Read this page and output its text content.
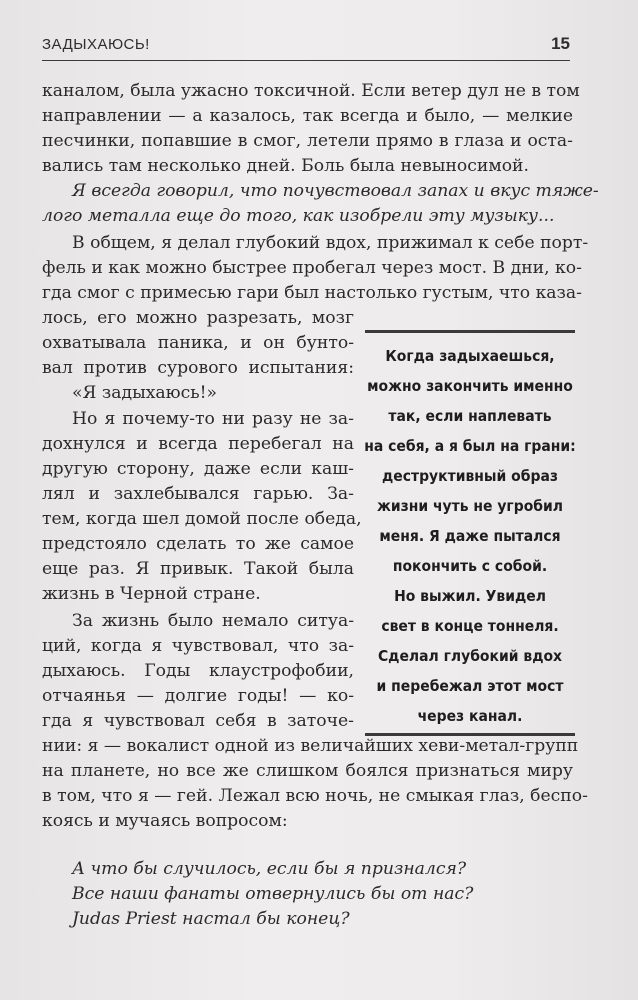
ЗАДЫХАЮСЬ!	15
каналом, была ужасно токсичной. Если ветер дул не в том
направлении — а казалось, так всегда и было, — мелкие
песчинки, попавшие в смог, летели прямо в глаза и оста-
вались там несколько дней. Боль была невыносимой.
Я всегда говорил, что почувствовал запах и вкус тяже-
лого металла еще до того, как изобрели эту музыку...
В общем, я делал глубокий вдох, прижимал к себе порт-
фель и как можно быстрее пробегал через мост. В дни, ко-
гда смог с примесью гари был настолько густым, что казa-
лось, его можно разрезать, мозг
охватывала паника, и он бунто-
вал против сурового испытания:
«Я задыхаюсь!»
Но я почему-то ни разу не за-
дохнулся и всегда перебегал на
другую сторону, даже если каш-
лял и захлебывался гарью. За-
тем, когда шел домой после обеда,
предстояло сделать то же самое
еще раз. Я привык. Такой была
жизнь в Черной стране.
За жизнь было немало ситуа-
ций, когда я чувствовал, что за-
дыхаюсь. Годы клаустрофобии,
отчаянья — долгие годы! — ко-
гда я чувствовал себя в заточе-
нии: я — вокалист одной из величайших хеви-метал-групп
на планете, но все же слишком боялся признаться миру
в том, что я — гей. Лежал всю ночь, не смыкая глаз, беспо-
коясь и мучаясь вопросом:
А что бы случилось, если бы я признался?
Все наши фанаты отвернулись бы от нас?
Judas Priest настал бы конец?
Когда задыхаешься,
можно закончить именно
так, если наплевать
на себя, а я был на грани:
деструктивный образ
жизни чуть не угробил
меня. Я даже пытался
покончить с собой.
Но выжил. Увидел
свет в конце тоннеля.
Сделал глубокий вдох
и перебежал этот мост
через канал.
